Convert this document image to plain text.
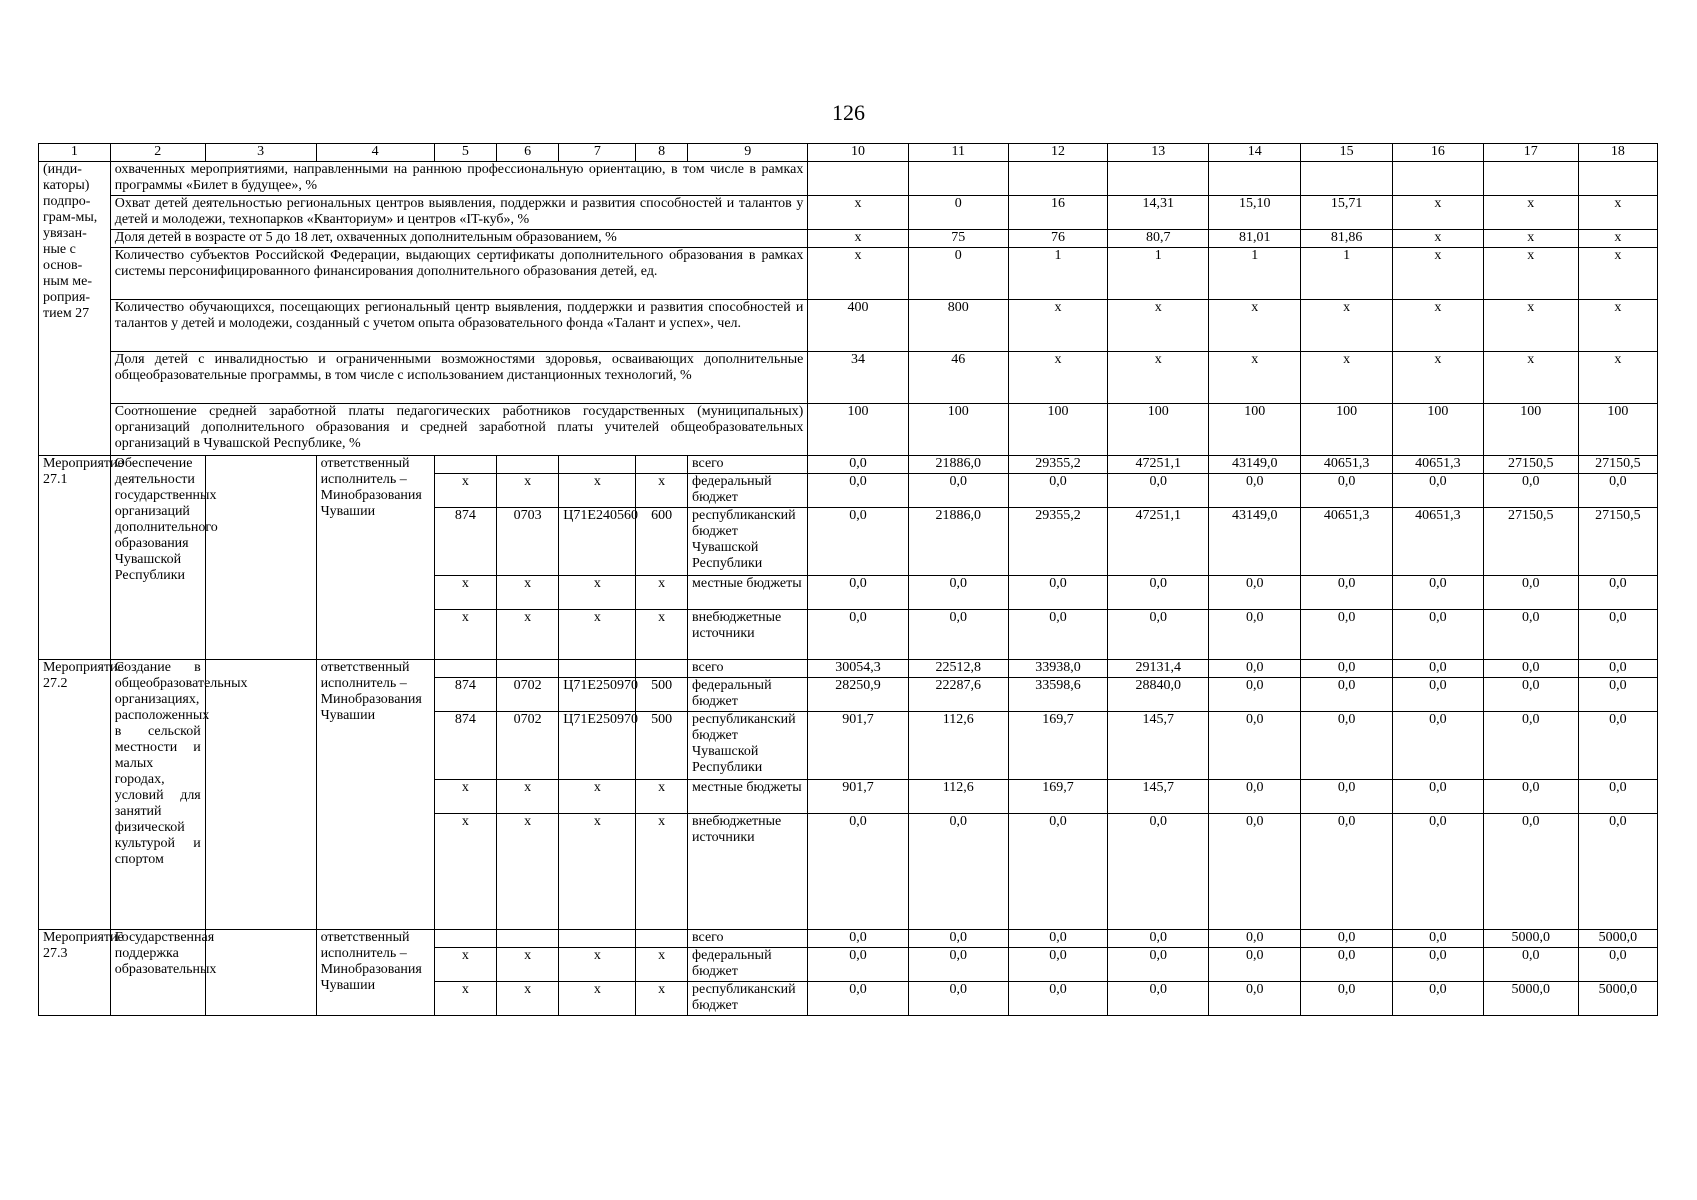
126
1	2	3	4	5	6	7	8	9	10	11	12	13	14	15	16	17	18
(инди-каторы) подпро-грам-мы, увязан-ные с основ-ным ме-роприя-тием 27	охваченных мероприятиями, направленными на раннюю профессиональную ориентацию, в том числе в рамках программы «Билет в будущее», %																
	Охват детей деятельностью региональных центров выявления, поддержки и развития способностей и талантов у детей и молодежи, технопарков «Кванториум» и центров «IT-куб», %								x	0	16	14,31	15,10	15,71	x	x	x
	Доля детей в возрасте от 5 до 18 лет, охваченных дополнительным образованием, %								x	75	76	80,7	81,01	81,86	x	x	x
	Количество субъектов Российской Федерации, выдающих сертификаты дополнительного образования в рамках системы персонифицированного финансирования дополнительного образования детей, ед.								x	0	1	1	1	1	x	x	x
	Количество обучающихся, посещающих региональный центр выявления, поддержки и развития способностей и талантов у детей и молодежи, созданный с учетом опыта образовательного фонда «Талант и успех», чел.								400	800	x	x	x	x	x	x	x
	Доля детей с инвалидностью и ограниченными возможностями здоровья, осваивающих дополнительные общеобразовательные программы, в том числе с использованием дистанционных технологий, %								34	46	x	x	x	x	x	x	x
	Соотношение средней заработной платы педагогических работников государственных (муниципальных) организаций дополнительного образования и средней заработной платы учителей общеобразовательных организаций в Чувашской Республике, %								100	100	100	100	100	100	100	100	100
Мероприятие 27.1	Обеспечение деятельности государственных организаций дополнительного образования Чувашской Республики		ответственный исполнитель – Минобразования Чувашии					всего	0,0	21886,0	29355,2	47251,1	43149,0	40651,3	40651,3	27150,5	27150,5
				x	x	x	x	федеральный бюджет	0,0	0,0	0,0	0,0	0,0	0,0	0,0	0,0	0,0
				874	0703	Ц71Е240560	600	республиканский бюджет Чувашской Республики	0,0	21886,0	29355,2	47251,1	43149,0	40651,3	40651,3	27150,5	27150,5
				x	x	x	x	местные бюджеты	0,0	0,0	0,0	0,0	0,0	0,0	0,0	0,0	0,0
				x	x	x	x	внебюджетные источники	0,0	0,0	0,0	0,0	0,0	0,0	0,0	0,0	0,0
Мероприятие 27.2	Создание в общеобразовательных организациях, расположенных в сельской местности и малых городах, условий для занятий физической культурой и спортом		ответственный исполнитель – Минобразования Чувашии					всего	30054,3	22512,8	33938,0	29131,4	0,0	0,0	0,0	0,0	0,0
				874	0702	Ц71Е250970	500	федеральный бюджет	28250,9	22287,6	33598,6	28840,0	0,0	0,0	0,0	0,0	0,0
				874	0702	Ц71Е250970	500	республиканский бюджет Чувашской Республики	901,7	112,6	169,7	145,7	0,0	0,0	0,0	0,0	0,0
				x	x	x	x	местные бюджеты	901,7	112,6	169,7	145,7	0,0	0,0	0,0	0,0	0,0
				x	x	x	x	внебюджетные источники	0,0	0,0	0,0	0,0	0,0	0,0	0,0	0,0	0,0
Мероприятие 27.3	Государственная поддержка образовательных		ответственный исполнитель – Минобразования Чувашии					всего	0,0	0,0	0,0	0,0	0,0	0,0	0,0	5000,0	5000,0
				x	x	x	x	федеральный бюджет	0,0	0,0	0,0	0,0	0,0	0,0	0,0	0,0	0,0
				x	x	x	x	республиканский бюджет	0,0	0,0	0,0	0,0	0,0	0,0	0,0	5000,0	5000,0
